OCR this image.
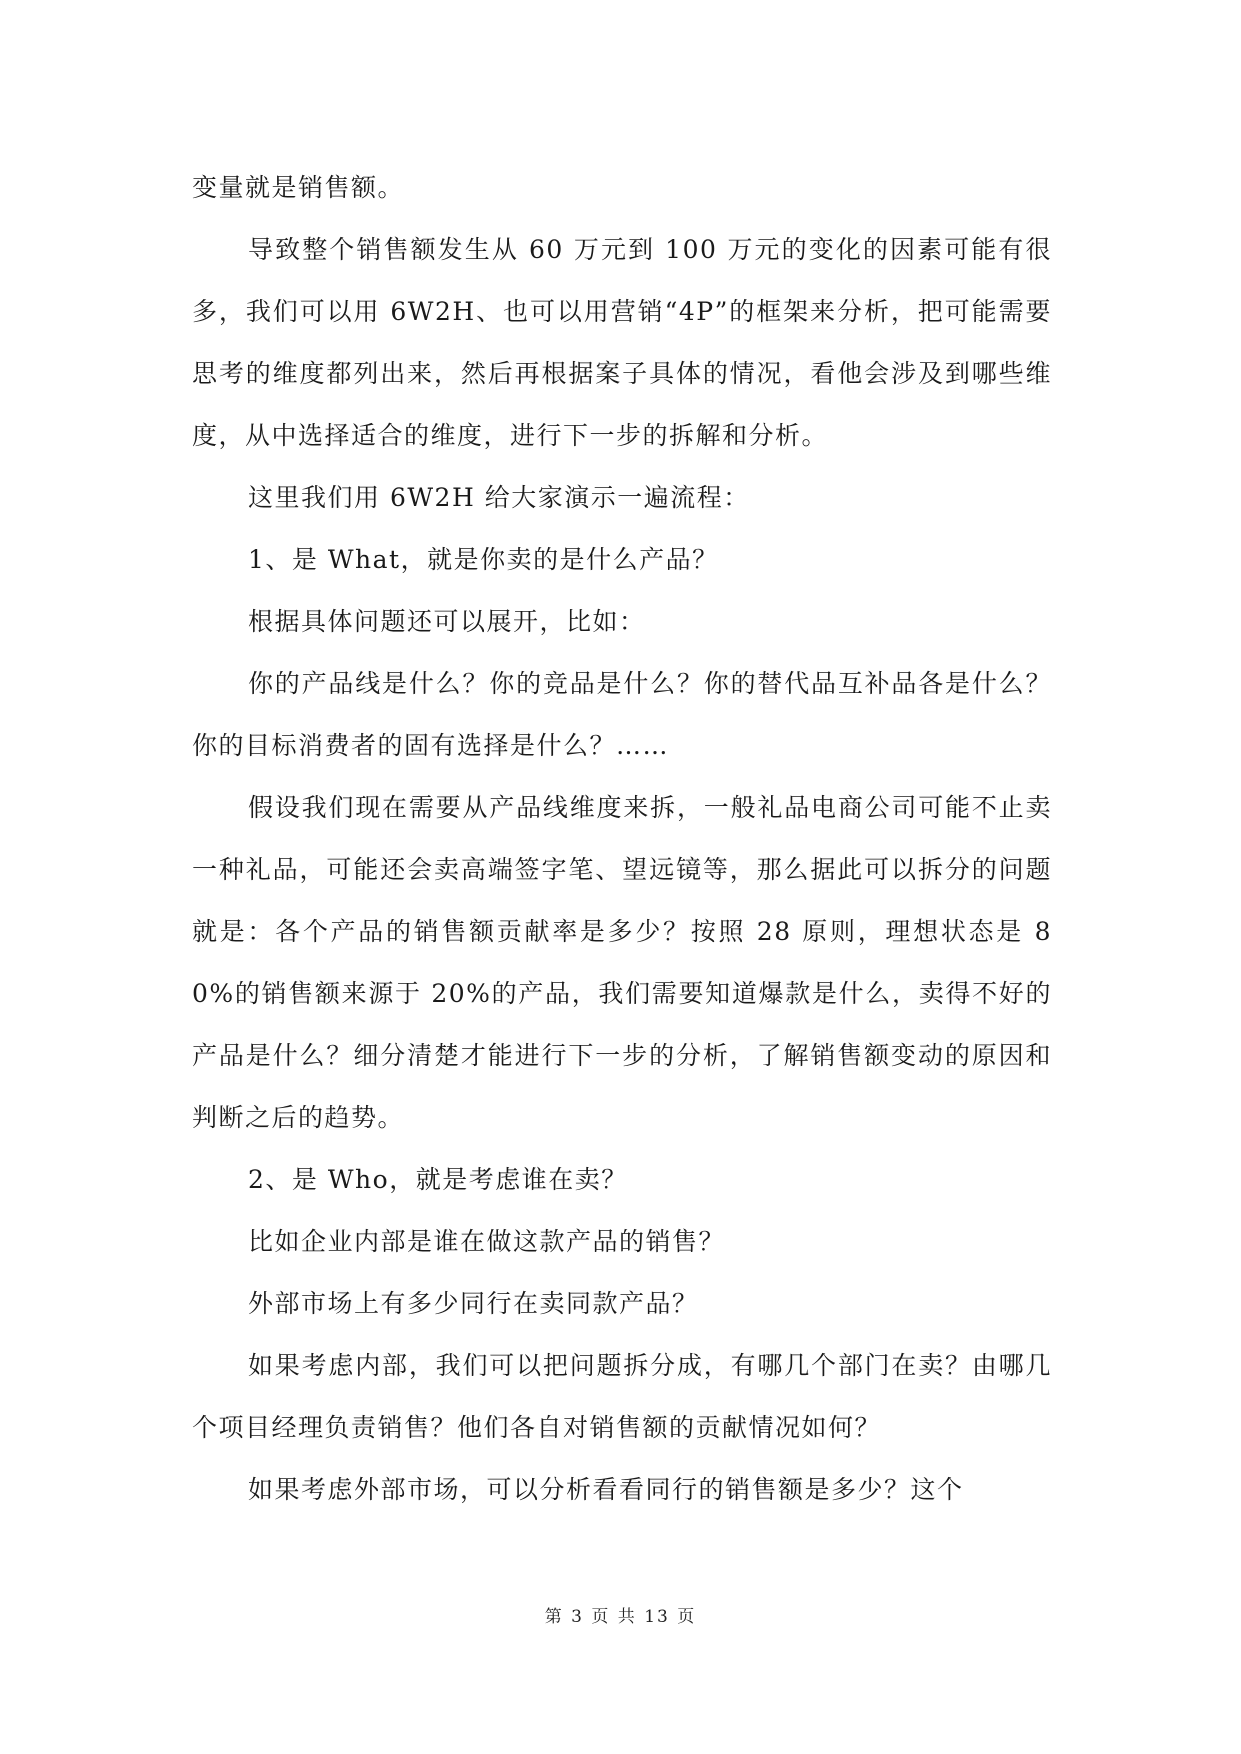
变量就是销售额。

导致整个销售额发生从 60 万元到 100 万元的变化的因素可能有很多，我们可以用 6W2H、也可以用营销“4P”的框架来分析，把可能需要思考的维度都列出来，然后再根据案子具体的情况，看他会涉及到哪些维度，从中选择适合的维度，进行下一步的拆解和分析。

这里我们用 6W2H 给大家演示一遍流程：

1、是 What，就是你卖的是什么产品？

根据具体问题还可以展开，比如：

你的产品线是什么？你的竞品是什么？你的替代品互补品各是什么？你的目标消费者的固有选择是什么？……

假设我们现在需要从产品线维度来拆，一般礼品电商公司可能不止卖一种礼品，可能还会卖高端签字笔、望远镜等，那么据此可以拆分的问题就是：各个产品的销售额贡献率是多少？按照 28 原则，理想状态是 80%的销售额来源于 20%的产品，我们需要知道爆款是什么，卖得不好的产品是什么？细分清楚才能进行下一步的分析，了解销售额变动的原因和判断之后的趋势。

2、是 Who，就是考虑谁在卖？

比如企业内部是谁在做这款产品的销售？

外部市场上有多少同行在卖同款产品？

如果考虑内部，我们可以把问题拆分成，有哪几个部门在卖？由哪几个项目经理负责销售？他们各自对销售额的贡献情况如何？

如果考虑外部市场，可以分析看看同行的销售额是多少？这个

第 3 页 共 13 页
